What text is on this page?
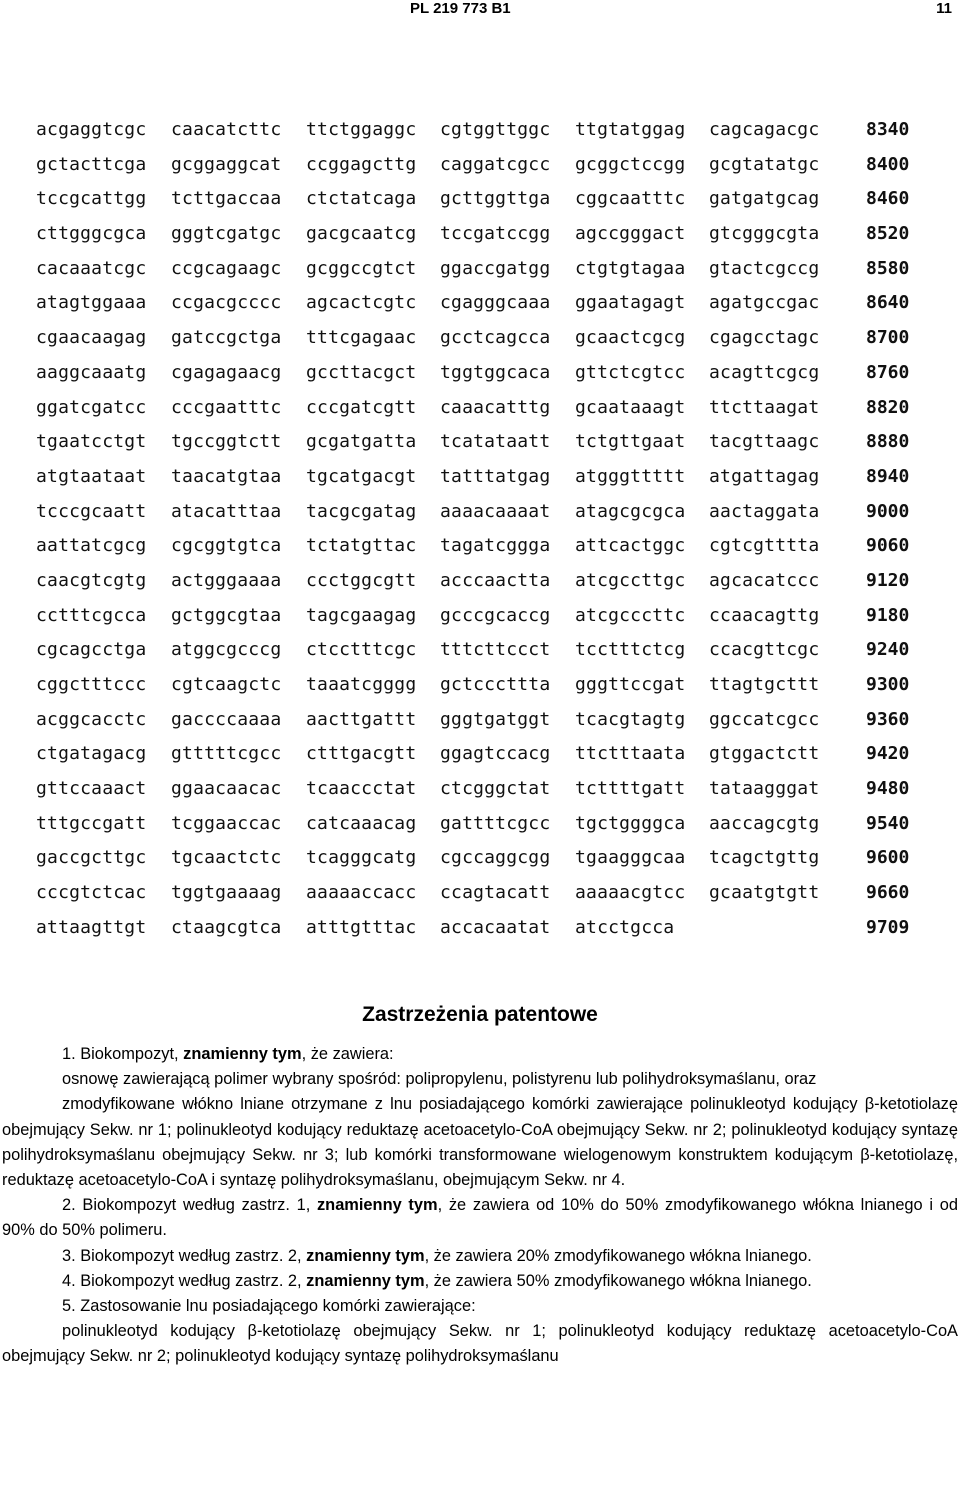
PL 219 773 B1	11
acgaggtcgc caacatcttc ttctggaggc cgtggttggc ttgtatggag cagcagacgc	8340
gctacttcga gcggaggcat ccggagcttg caggatcgcc gcggctccgg gcgtatatgc	8400
tccgcattgg tcttgaccaa ctctatcaga gcttggttga cggcaatttc gatgatgcag	8460
cttgggcgca gggtcgatgc gacgcaatcg tccgatccgg agccgggact gtcgggcgta	8520
cacaaatcgc ccgcagaagc gcggccgtct ggaccgatgg ctgtgtagaa gtactcgccg	8580
atagtggaaa ccgacgcccc agcactcgtc cgagggcaaa ggaatagagt agatgccgac	8640
cgaacaagag gatccgctga tttcgagaac gcctcagcca gcaactcgcg cgagcctagc	8700
aaggcaaatg cgagagaacg gccttacgct tggtggcaca gttctcgtcc acagttcgcg	8760
ggatcgatcc cccgaatttc cccgatcgtt caaacatttg gcaataaagt ttcttaagat	8820
tgaatcctgt tgccggtctt gcgatgatta tcatataatt tctgttgaat tacgttaagc	8880
atgtaataat taacatgtaa tgcatgacgt tatttatgag atgggttttt atgattagag	8940
tcccgcaatt atacatttaa tacgcgatag aaaacaaaat atagcgcgca aactaggata	9000
aattatcgcg cgcggtgtca tctatgttac tagatcggga attcactggc cgtcgtttta	9060
caacgtcgtg actgggaaaa ccctggcgtt acccaactta atcgccttgc agcacatccc	9120
cctttcgcca gctggcgtaa tagcgaagag gcccgcaccg atcgcccttc ccaacagttg	9180
cgcagcctga atggcgcccg ctcctttcgc tttcttccct tcctttctcg ccacgttcgc	9240
cggctttccc cgtcaagctc taaatcgggg gctcccttta gggttccgat ttagtgcttt	9300
acggcacctc gaccccaaaa aacttgattt gggtgatggt tcacgtagtg ggccatcgcc	9360
ctgatagacg gtttttcgcc ctttgacgtt ggagtccacg ttctttaata gtggactctt	9420
gttccaaact ggaacaacac tcaaccctat ctcgggctat tcttttgatt tataagggat	9480
tttgccgatt tcggaaccac catcaaacag gattttcgcc tgctggggca aaccagcgtg	9540
gaccgcttgc tgcaactctc tcagggcatg cgccaggcgg tgaagggcaa tcagctgttg	9600
cccgtctcac tggtgaaaag aaaaaccacc ccagtacatt aaaaacgtcc gcaatgtgtt	9660
attaagttgt ctaagcgtca atttgtttac accacaatat atcctgcca	9709
Zastrzeżenia patentowe

1. Biokompozyt, znamienny tym, że zawiera:

osnowę zawierającą polimer wybrany spośród: polipropylenu, polistyrenu lub polihydroksymaślanu, oraz

zmodyfikowane włókno lniane otrzymane z lnu posiadającego komórki zawierające polinukleotyd kodujący β-ketotiolazę obejmujący Sekw. nr 1; polinukleotyd kodujący reduktazę acetoacetylo-CoA obejmujący Sekw. nr 2; polinukleotyd kodujący syntazę polihydroksymaślanu obejmujący Sekw. nr 3; lub komórki transformowane wielogenowym konstruktem kodującym β-ketotiolazę, reduktazę acetoacetylo-CoA i syntazę polihydroksymaślanu, obejmującym Sekw. nr 4.

2. Biokompozyt według zastrz. 1, znamienny tym, że zawiera od 10% do 50% zmodyfikowanego włókna lnianego i od 90% do 50% polimeru.

3. Biokompozyt według zastrz. 2, znamienny tym, że zawiera 20% zmodyfikowanego włókna lnianego.

4. Biokompozyt według zastrz. 2, znamienny tym, że zawiera 50% zmodyfikowanego włókna lnianego.

5. Zastosowanie lnu posiadającego komórki zawierające:

polinukleotyd kodujący β-ketotiolazę obejmujący Sekw. nr 1; polinukleotyd kodujący reduktazę acetoacetylo-CoA obejmujący Sekw. nr 2; polinukleotyd kodujący syntazę polihydroksymaślanu
